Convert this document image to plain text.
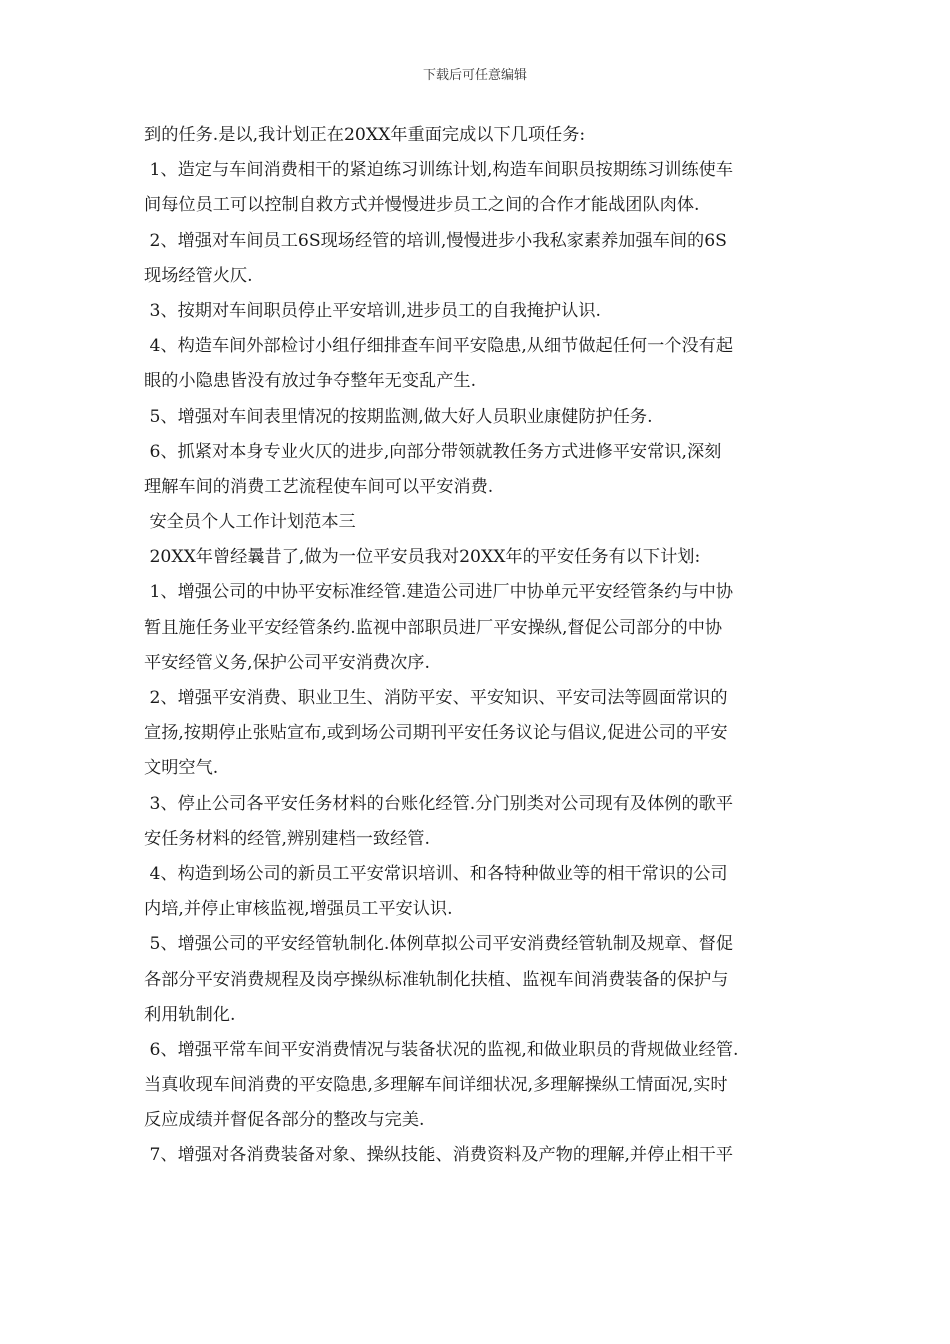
下载后可任意编辑
到的任务.是以,我计划正在20XX年重面完成以下几项任务:
1、造定与车间消费相干的紧迫练习训练计划,构造车间职员按期练习训练使车
间每位员工可以控制自救方式并慢慢进步员工之间的合作才能战团队肉体.
2、增强对车间员工6S现场经管的培训,慢慢进步小我私家素养加强车间的6S
现场经管火仄.
3、按期对车间职员停止平安培训,进步员工的自我掩护认识.
4、构造车间外部检讨小组仔细排查车间平安隐患,从细节做起任何一个没有起
眼的小隐患皆没有放过争夺整年无变乱产生.
5、增强对车间表里情况的按期监测,做大好人员职业康健防护任务.
6、抓紧对本身专业火仄的进步,向部分带领就教任务方式进修平安常识,深刻
理解车间的消费工艺流程使车间可以平安消费.
安全员个人工作计划范本三
20XX年曾经曩昔了,做为一位平安员我对20XX年的平安任务有以下计划:
1、增强公司的中协平安标准经管.建造公司进厂中协单元平安经管条约与中协
暂且施任务业平安经管条约.监视中部职员进厂平安操纵,督促公司部分的中协
平安经管义务,保护公司平安消费次序.
2、增强平安消费、职业卫生、消防平安、平安知识、平安司法等圆面常识的
宣扬,按期停止张贴宣布,或到场公司期刊平安任务议论与倡议,促进公司的平安
文明空气.
3、停止公司各平安任务材料的台账化经管.分门别类对公司现有及体例的歌平
安任务材料的经管,辨别建档一致经管.
4、构造到场公司的新员工平安常识培训、和各特种做业等的相干常识的公司
内培,并停止审核监视,增强员工平安认识.
5、增强公司的平安经管轨制化.体例草拟公司平安消费经管轨制及规章、督促
各部分平安消费规程及岗亭操纵标准轨制化扶植、监视车间消费装备的保护与
利用轨制化.
6、增强平常车间平安消费情况与装备状况的监视,和做业职员的背规做业经管.
当真收现车间消费的平安隐患,多理解车间详细状况,多理解操纵工情面况,实时
反应成绩并督促各部分的整改与完美.
7、增强对各消费装备对象、操纵技能、消费资料及产物的理解,并停止相干平
